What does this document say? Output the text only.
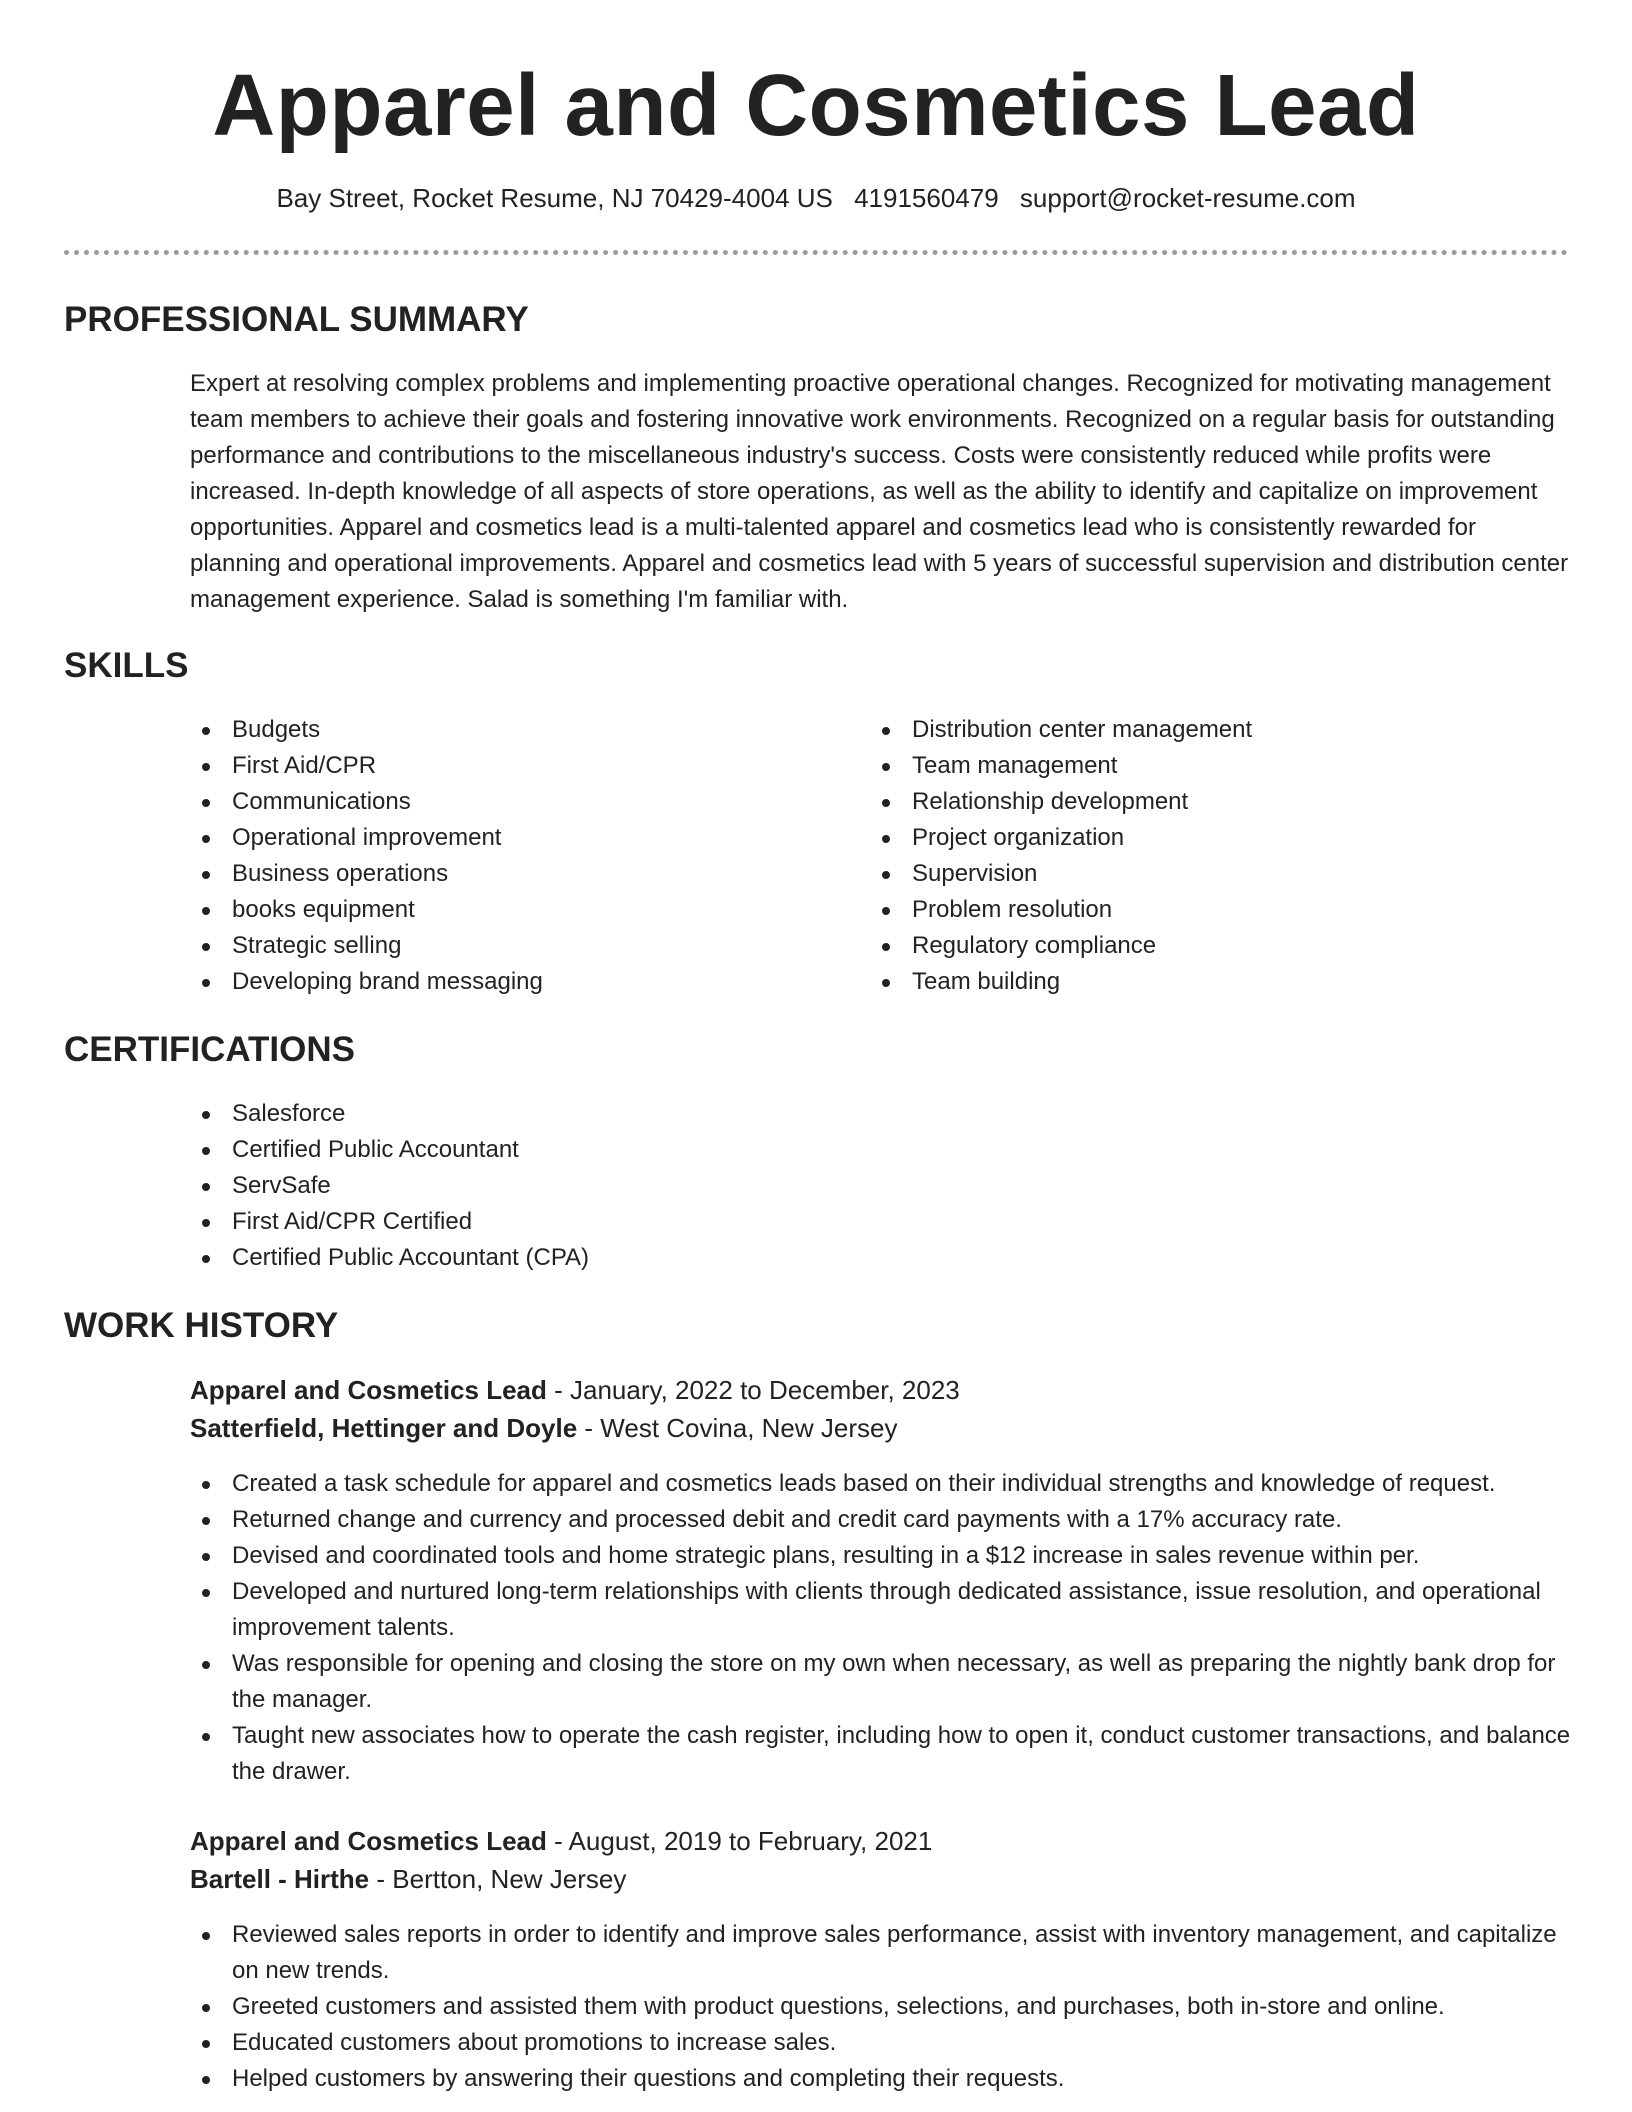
Apparel and Cosmetics Lead
Bay Street, Rocket Resume, NJ 70429-4004 US 4191560479 support@rocket-resume.com
PROFESSIONAL SUMMARY

Expert at resolving complex problems and implementing proactive operational changes. Recognized for motivating management team members to achieve their goals and fostering innovative work environments. Recognized on a regular basis for outstanding performance and contributions to the miscellaneous industry's success. Costs were consistently reduced while profits were increased. In-depth knowledge of all aspects of store operations, as well as the ability to identify and capitalize on improvement opportunities. Apparel and cosmetics lead is a multi-talented apparel and cosmetics lead who is consistently rewarded for planning and operational improvements. Apparel and cosmetics lead with 5 years of successful supervision and distribution center management experience. Salad is something I'm familiar with.

SKILLS
Budgets
First Aid/CPR
Communications
Operational improvement
Business operations
books equipment
Strategic selling
Developing brand messaging
Distribution center management
Team management
Relationship development
Project organization
Supervision
Problem resolution
Regulatory compliance
Team building
CERTIFICATIONS
Salesforce
Certified Public Accountant
ServSafe
First Aid/CPR Certified
Certified Public Accountant (CPA)
WORK HISTORY
Apparel and Cosmetics Lead - January, 2022 to December, 2023
Satterfield, Hettinger and Doyle - West Covina, New Jersey
Created a task schedule for apparel and cosmetics leads based on their individual strengths and knowledge of request.
Returned change and currency and processed debit and credit card payments with a 17% accuracy rate.
Devised and coordinated tools and home strategic plans, resulting in a $12 increase in sales revenue within per.
Developed and nurtured long-term relationships with clients through dedicated assistance, issue resolution, and operational improvement talents.
Was responsible for opening and closing the store on my own when necessary, as well as preparing the nightly bank drop for the manager.
Taught new associates how to operate the cash register, including how to open it, conduct customer transactions, and balance the drawer.
Apparel and Cosmetics Lead - August, 2019 to February, 2021
Bartell - Hirthe - Bertton, New Jersey
Reviewed sales reports in order to identify and improve sales performance, assist with inventory management, and capitalize on new trends.
Greeted customers and assisted them with product questions, selections, and purchases, both in-store and online.
Educated customers about promotions to increase sales.
Helped customers by answering their questions and completing their requests.
